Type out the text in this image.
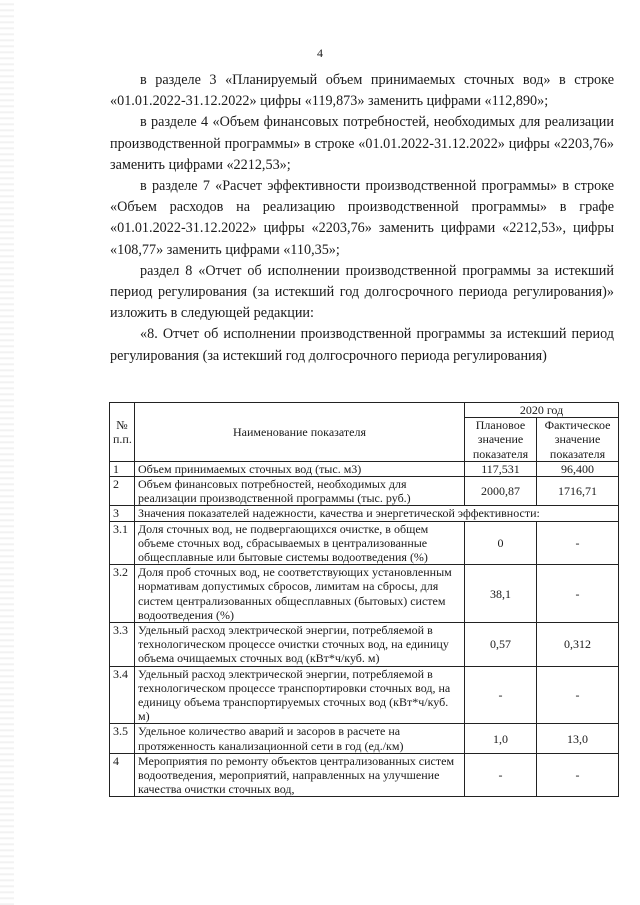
4

в разделе 3 «Планируемый объем принимаемых сточных вод» в строке «01.01.2022-31.12.2022» цифры «119,873» заменить цифрами «112,890»;

в разделе 4 «Объем финансовых потребностей, необходимых для реализации производственной программы» в строке «01.01.2022-31.12.2022» цифры «2203,76» заменить цифрами «2212,53»;

в разделе 7 «Расчет эффективности производственной программы» в строке «Объем расходов на реализацию производственной программы» в графе «01.01.2022-31.12.2022» цифры «2203,76» заменить цифрами «2212,53», цифры «108,77» заменить цифрами «110,35»;

раздел 8 «Отчет об исполнении производственной программы за истекший период регулирования (за истекший год долгосрочного периода регулирования)» изложить в следующей редакции:

«8. Отчет об исполнении производственной программы за истекший период регулирования (за истекший год долгосрочного периода регулирования)

№ п.п.	Наименование показателя	2020 год	
		Плановое значение показателя	Фактическое значение показателя
1	Объем принимаемых сточных вод (тыс. м3)	117,531	96,400
2	Объем финансовых потребностей, необходимых для реализации производственной программы (тыс. руб.)	2000,87	1716,71
3	Значения показателей надежности, качества и энергетической эффективности:		
3.1	Доля сточных вод, не подвергающихся очистке, в общем объеме сточных вод, сбрасываемых в централизованные общесплавные или бытовые системы водоотведения (%)	0	-
3.2	Доля проб сточных вод, не соответствующих установленным нормативам допустимых сбросов, лимитам на сбросы, для систем централизованных общесплавных (бытовых) систем водоотведения (%)	38,1	-
3.3	Удельный расход электрической энергии, потребляемой в технологическом процессе очистки сточных вод, на единицу объема очищаемых сточных вод (кВт*ч/куб. м)	0,57	0,312
3.4	Удельный расход электрической энергии, потребляемой в технологическом процессе транспортировки сточных вод, на единицу объема транспортируемых сточных вод (кВт*ч/куб. м)	-	-
3.5	Удельное количество аварий и засоров в расчете на протяженность канализационной сети в год (ед./км)	1,0	13,0
4	Мероприятия по ремонту объектов централизованных систем водоотведения, мероприятий, направленных на улучшение качества очистки сточных вод,	-	-
